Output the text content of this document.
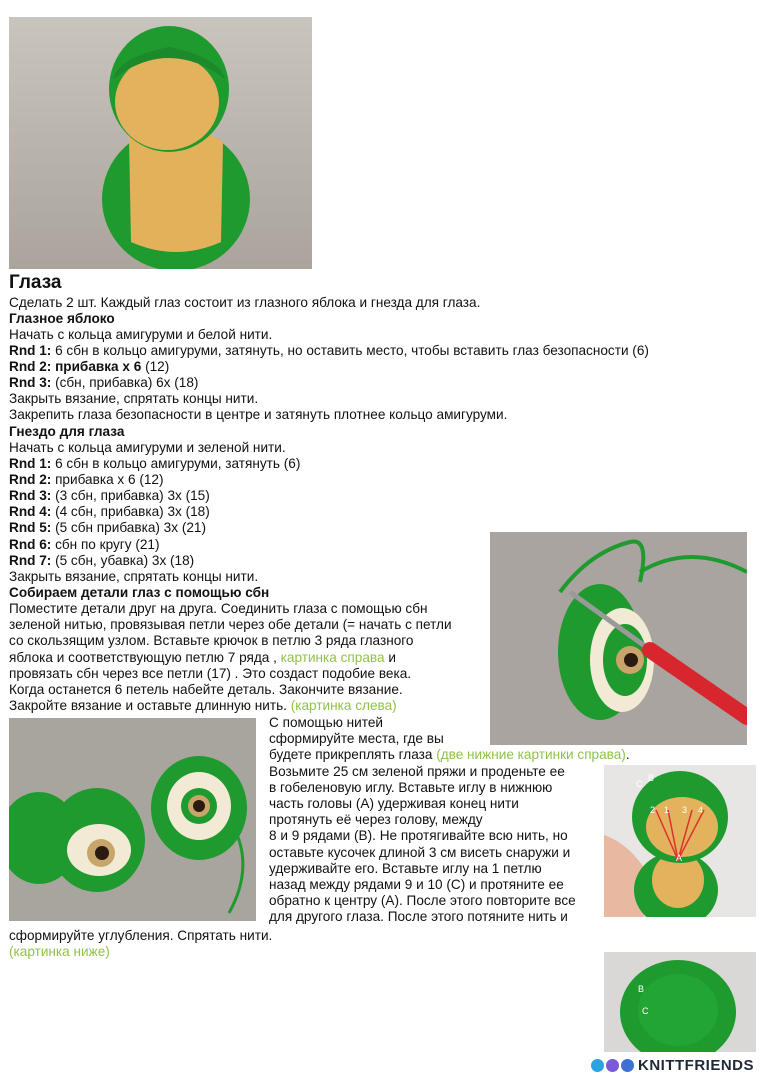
Глаза
Сделать 2 шт. Каждый глаз состоит из глазного яблока и гнезда для глаза.
Глазное яблоко
Начать с кольца амигуруми и белой нити.
Rnd 1: 6 сбн в кольцо амигуруми, затянуть, но оставить место, чтобы вставить глаз безопасности (6)
Rnd 2: прибавка х 6 (12)
Rnd 3: (сбн, прибавка) 6х (18)
Закрыть вязание, спрятать концы нити.
Закрепить глаза безопасности в центре и затянуть плотнее кольцо амигуруми.
Гнездо для глаза
Начать с кольца амигуруми и зеленой нити.
Rnd 1: 6 сбн в кольцо амигуруми, затянуть (6)
Rnd 2: прибавка х 6 (12)
Rnd 3: (3 сбн, прибавка) 3х (15)
Rnd 4: (4 сбн, прибавка) 3х (18)
Rnd 5: (5 сбн прибавка) 3х (21)
Rnd 6: сбн по кругу (21)
Rnd 7: (5 сбн, убавка) 3х (18)
Закрыть вязание, спрятать концы нити.
Собираем детали глаз с помощью сбн
Поместите детали друг на друга. Соединить глаза с помощью сбн
зеленой нитью, провязывая петли через обе детали (= начать с петли
со скользящим узлом. Вставьте крючок в петлю 3 ряда глазного
яблока и соответствующую петлю 7 ряда , картинка справа и
провязать сбн через все петли (17) . Это создаст подобие века.
Когда останется 6 петель набейте деталь. Закончите вязание.
Закройте вязание и оставьте длинную нить. (картинка слева)
С помощью нитей
сформируйте места, где вы
будете прикреплять глаза (две нижние картинки справа).
Возьмите 25 см зеленой пряжи и проденьте ее
в гобеленовую иглу. Вставьте иглу в нижнюю
часть головы (А) удерживая конец нити
протянуть её через голову, между
8 и 9 рядами (В). Не протягивайте всю нить, но
оставьте кусочек длиной 3 см висеть снаружи и
удерживайте его. Вставьте иглу на 1 петлю
назад между рядами 9 и 10 (С) и протяните ее
обратно к центру (А). После этого повторите все
для другого глаза. После этого потяните нить и
сформируйте углубления. Спрятать нити.
(картинка ниже)
C
B
2 1 3 4
A
B
C
KNITTFRIENDS
